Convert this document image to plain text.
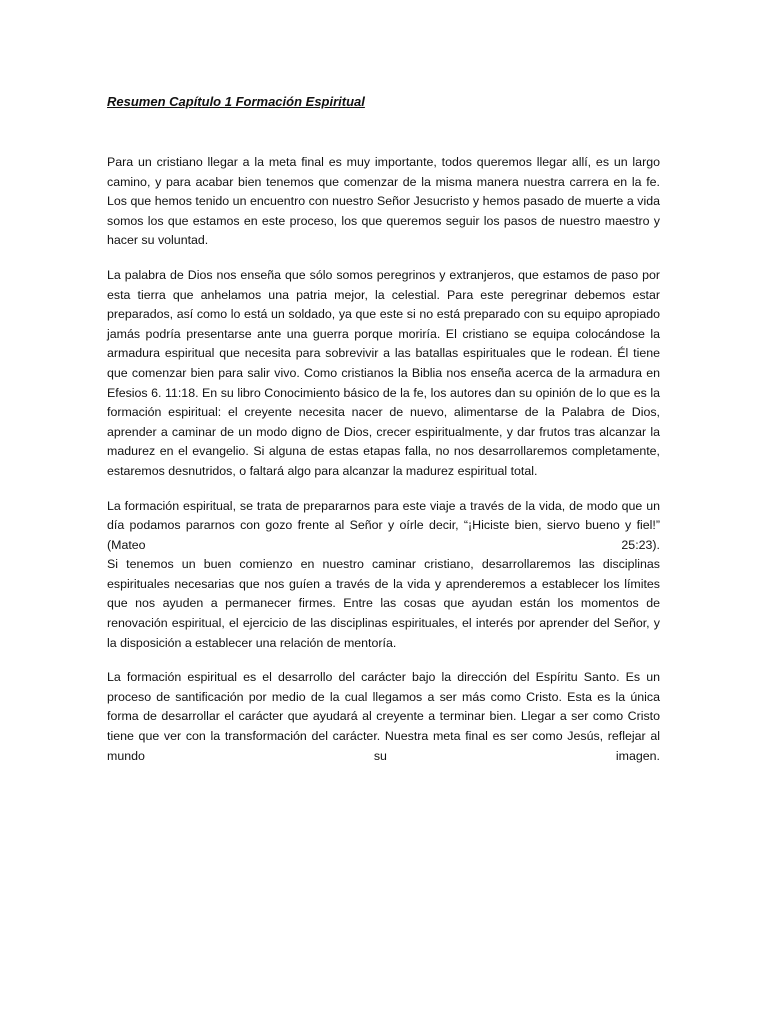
Resumen Capítulo 1 Formación Espiritual

Para un cristiano llegar a la meta final es muy importante, todos queremos llegar allí, es un largo camino, y para acabar bien tenemos que comenzar de la misma manera nuestra carrera en la fe. Los que hemos tenido un encuentro con nuestro Señor Jesucristo y hemos pasado de muerte a vida somos los que estamos en este proceso, los que queremos seguir los pasos de nuestro maestro y hacer su voluntad.

La palabra de Dios nos enseña que sólo somos peregrinos y extranjeros, que estamos de paso por esta tierra que anhelamos una patria mejor, la celestial. Para este peregrinar debemos estar preparados, así como lo está un soldado, ya que este si no está preparado con su equipo apropiado jamás podría presentarse ante una guerra porque moriría. El cristiano se equipa colocándose la armadura espiritual que necesita para sobrevivir a las batallas espirituales que le rodean. Él tiene que comenzar bien para salir vivo. Como cristianos la Biblia nos enseña acerca de la armadura en Efesios 6. 11:18. En su libro Conocimiento básico de la fe, los autores dan su opinión de lo que es la formación espiritual: el creyente necesita nacer de nuevo, alimentarse de la Palabra de Dios, aprender a caminar de un modo digno de Dios, crecer espiritualmente, y dar frutos tras alcanzar la madurez en el evangelio. Si alguna de estas etapas falla, no nos desarrollaremos completamente, estaremos desnutridos, o faltará algo para alcanzar la madurez espiritual total.

La formación espiritual, se trata de prepararnos para este viaje a través de la vida, de modo que un día podamos pararnos con gozo frente al Señor y oírle decir, “¡Hiciste bien, siervo bueno y fiel!” (Mateo 25:23).

Si tenemos un buen comienzo en nuestro caminar cristiano, desarrollaremos las disciplinas espirituales necesarias que nos guíen a través de la vida y aprenderemos a establecer los límites que nos ayuden a permanecer firmes. Entre las cosas que ayudan están los momentos de renovación espiritual, el ejercicio de las disciplinas espirituales, el interés por aprender del Señor, y la disposición a establecer una relación de mentoría.

La formación espiritual es el desarrollo del carácter bajo la dirección del Espíritu Santo. Es un proceso de santificación por medio de la cual llegamos a ser más como Cristo. Esta es la única forma de desarrollar el carácter que ayudará al creyente a terminar bien. Llegar a ser como Cristo tiene que ver con la transformación del carácter. Nuestra meta final es ser como Jesús, reflejar al mundo su imagen.
